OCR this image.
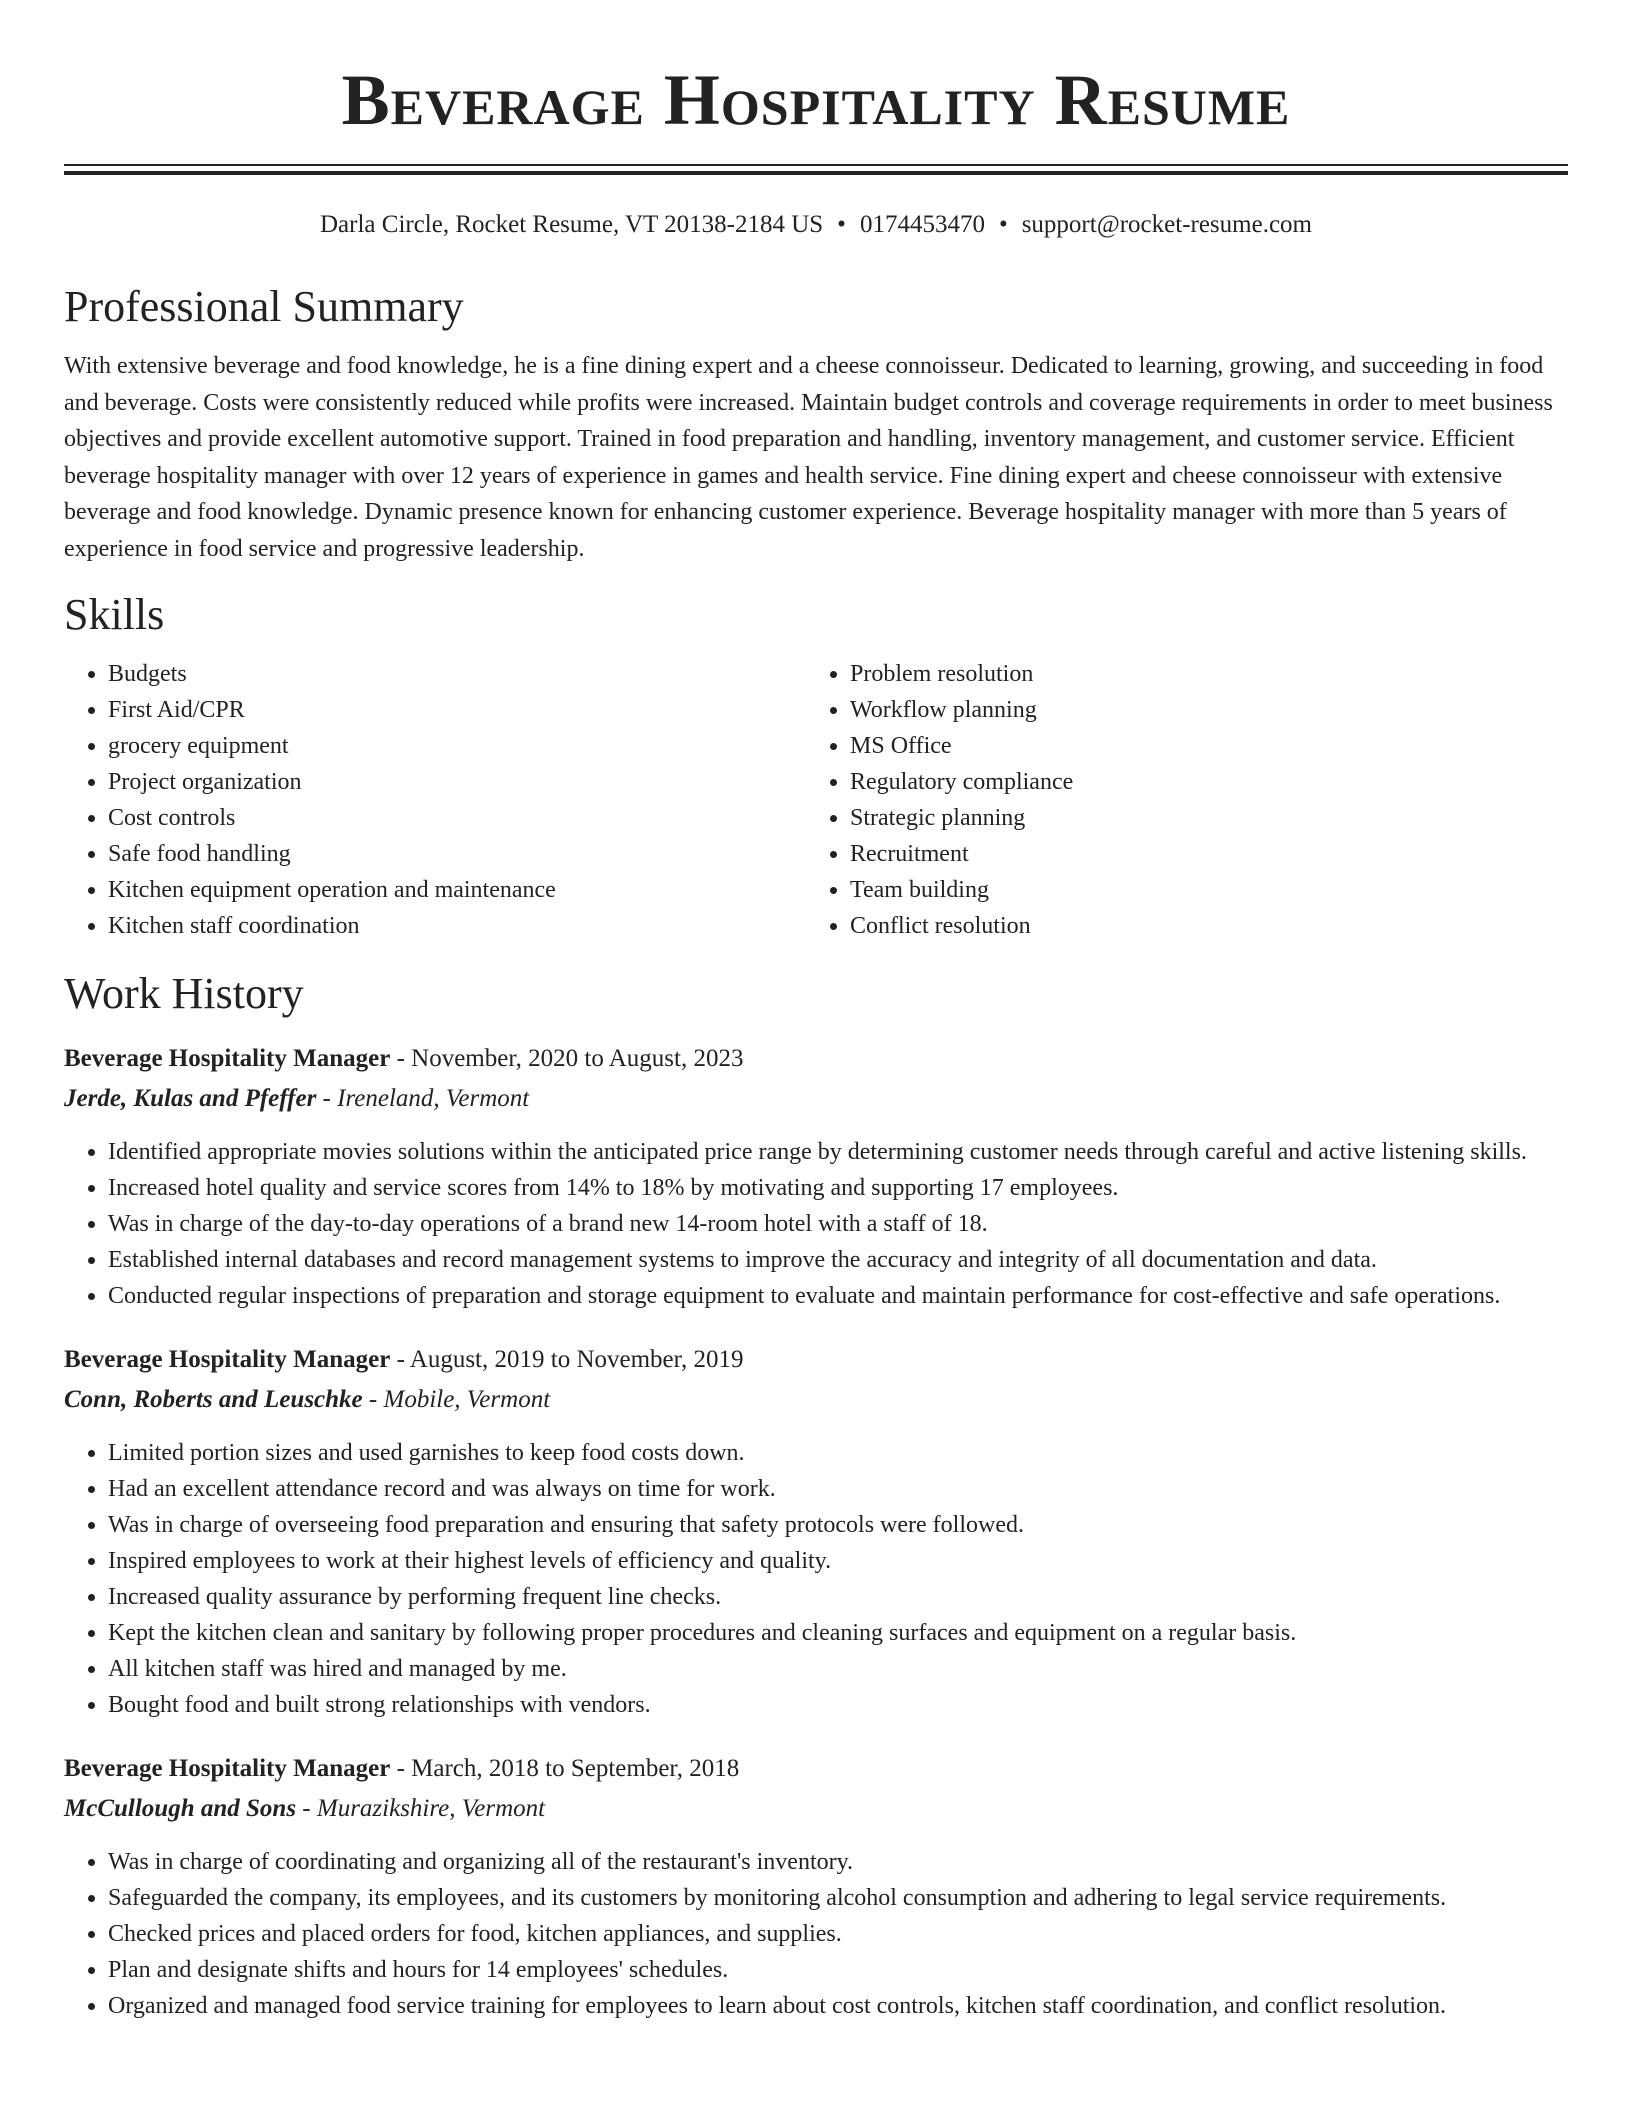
Beverage Hospitality Resume
Darla Circle, Rocket Resume, VT 20138-2184 US • 0174453470 • support@rocket-resume.com
Professional Summary

With extensive beverage and food knowledge, he is a fine dining expert and a cheese connoisseur. Dedicated to learning, growing, and succeeding in food and beverage. Costs were consistently reduced while profits were increased. Maintain budget controls and coverage requirements in order to meet business objectives and provide excellent automotive support. Trained in food preparation and handling, inventory management, and customer service. Efficient beverage hospitality manager with over 12 years of experience in games and health service. Fine dining expert and cheese connoisseur with extensive beverage and food knowledge. Dynamic presence known for enhancing customer experience. Beverage hospitality manager with more than 5 years of experience in food service and progressive leadership.

Skills
• Budgets
• First Aid/CPR
• grocery equipment
• Project organization
• Cost controls
• Safe food handling
• Kitchen equipment operation and maintenance
• Kitchen staff coordination
• Problem resolution
• Workflow planning
• MS Office
• Regulatory compliance
• Strategic planning
• Recruitment
• Team building
• Conflict resolution
Work History
Beverage Hospitality Manager - November, 2020 to August, 2023
Jerde, Kulas and Pfeffer - Ireneland, Vermont
• Identified appropriate movies solutions within the anticipated price range by determining customer needs through careful and active listening skills.
• Increased hotel quality and service scores from 14% to 18% by motivating and supporting 17 employees.
• Was in charge of the day-to-day operations of a brand new 14-room hotel with a staff of 18.
• Established internal databases and record management systems to improve the accuracy and integrity of all documentation and data.
• Conducted regular inspections of preparation and storage equipment to evaluate and maintain performance for cost-effective and safe operations.
Beverage Hospitality Manager - August, 2019 to November, 2019
Conn, Roberts and Leuschke - Mobile, Vermont
• Limited portion sizes and used garnishes to keep food costs down.
• Had an excellent attendance record and was always on time for work.
• Was in charge of overseeing food preparation and ensuring that safety protocols were followed.
• Inspired employees to work at their highest levels of efficiency and quality.
• Increased quality assurance by performing frequent line checks.
• Kept the kitchen clean and sanitary by following proper procedures and cleaning surfaces and equipment on a regular basis.
• All kitchen staff was hired and managed by me.
• Bought food and built strong relationships with vendors.
Beverage Hospitality Manager - March, 2018 to September, 2018
McCullough and Sons - Murazikshire, Vermont
• Was in charge of coordinating and organizing all of the restaurant's inventory.
• Safeguarded the company, its employees, and its customers by monitoring alcohol consumption and adhering to legal service requirements.
• Checked prices and placed orders for food, kitchen appliances, and supplies.
• Plan and designate shifts and hours for 14 employees' schedules.
• Organized and managed food service training for employees to learn about cost controls, kitchen staff coordination, and conflict resolution.
